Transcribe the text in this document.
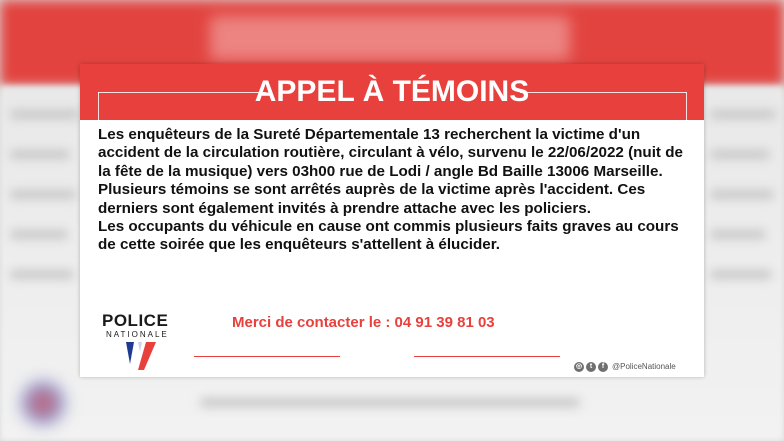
APPEL À TÉMOINS

Les enquêteurs de la Sureté Départementale 13 recherchent la victime d'un accident de la circulation routière, circulant à vélo, survenu le 22/06/2022 (nuit de la fête de la musique) vers 03h00 rue de Lodi / angle Bd Baille 13006 Marseille.

Plusieurs témoins se sont arrêtés auprès de la victime après l'accident. Ces derniers sont également invités à prendre attache avec les policiers.

Les occupants du véhicule en cause ont commis plusieurs faits graves au cours de cette soirée que les enquêteurs s'attellent à élucider.

POLICE
NATIONALE
Merci de contacter le : 04 91 39 81 03
◎	t	f @PoliceNationale
